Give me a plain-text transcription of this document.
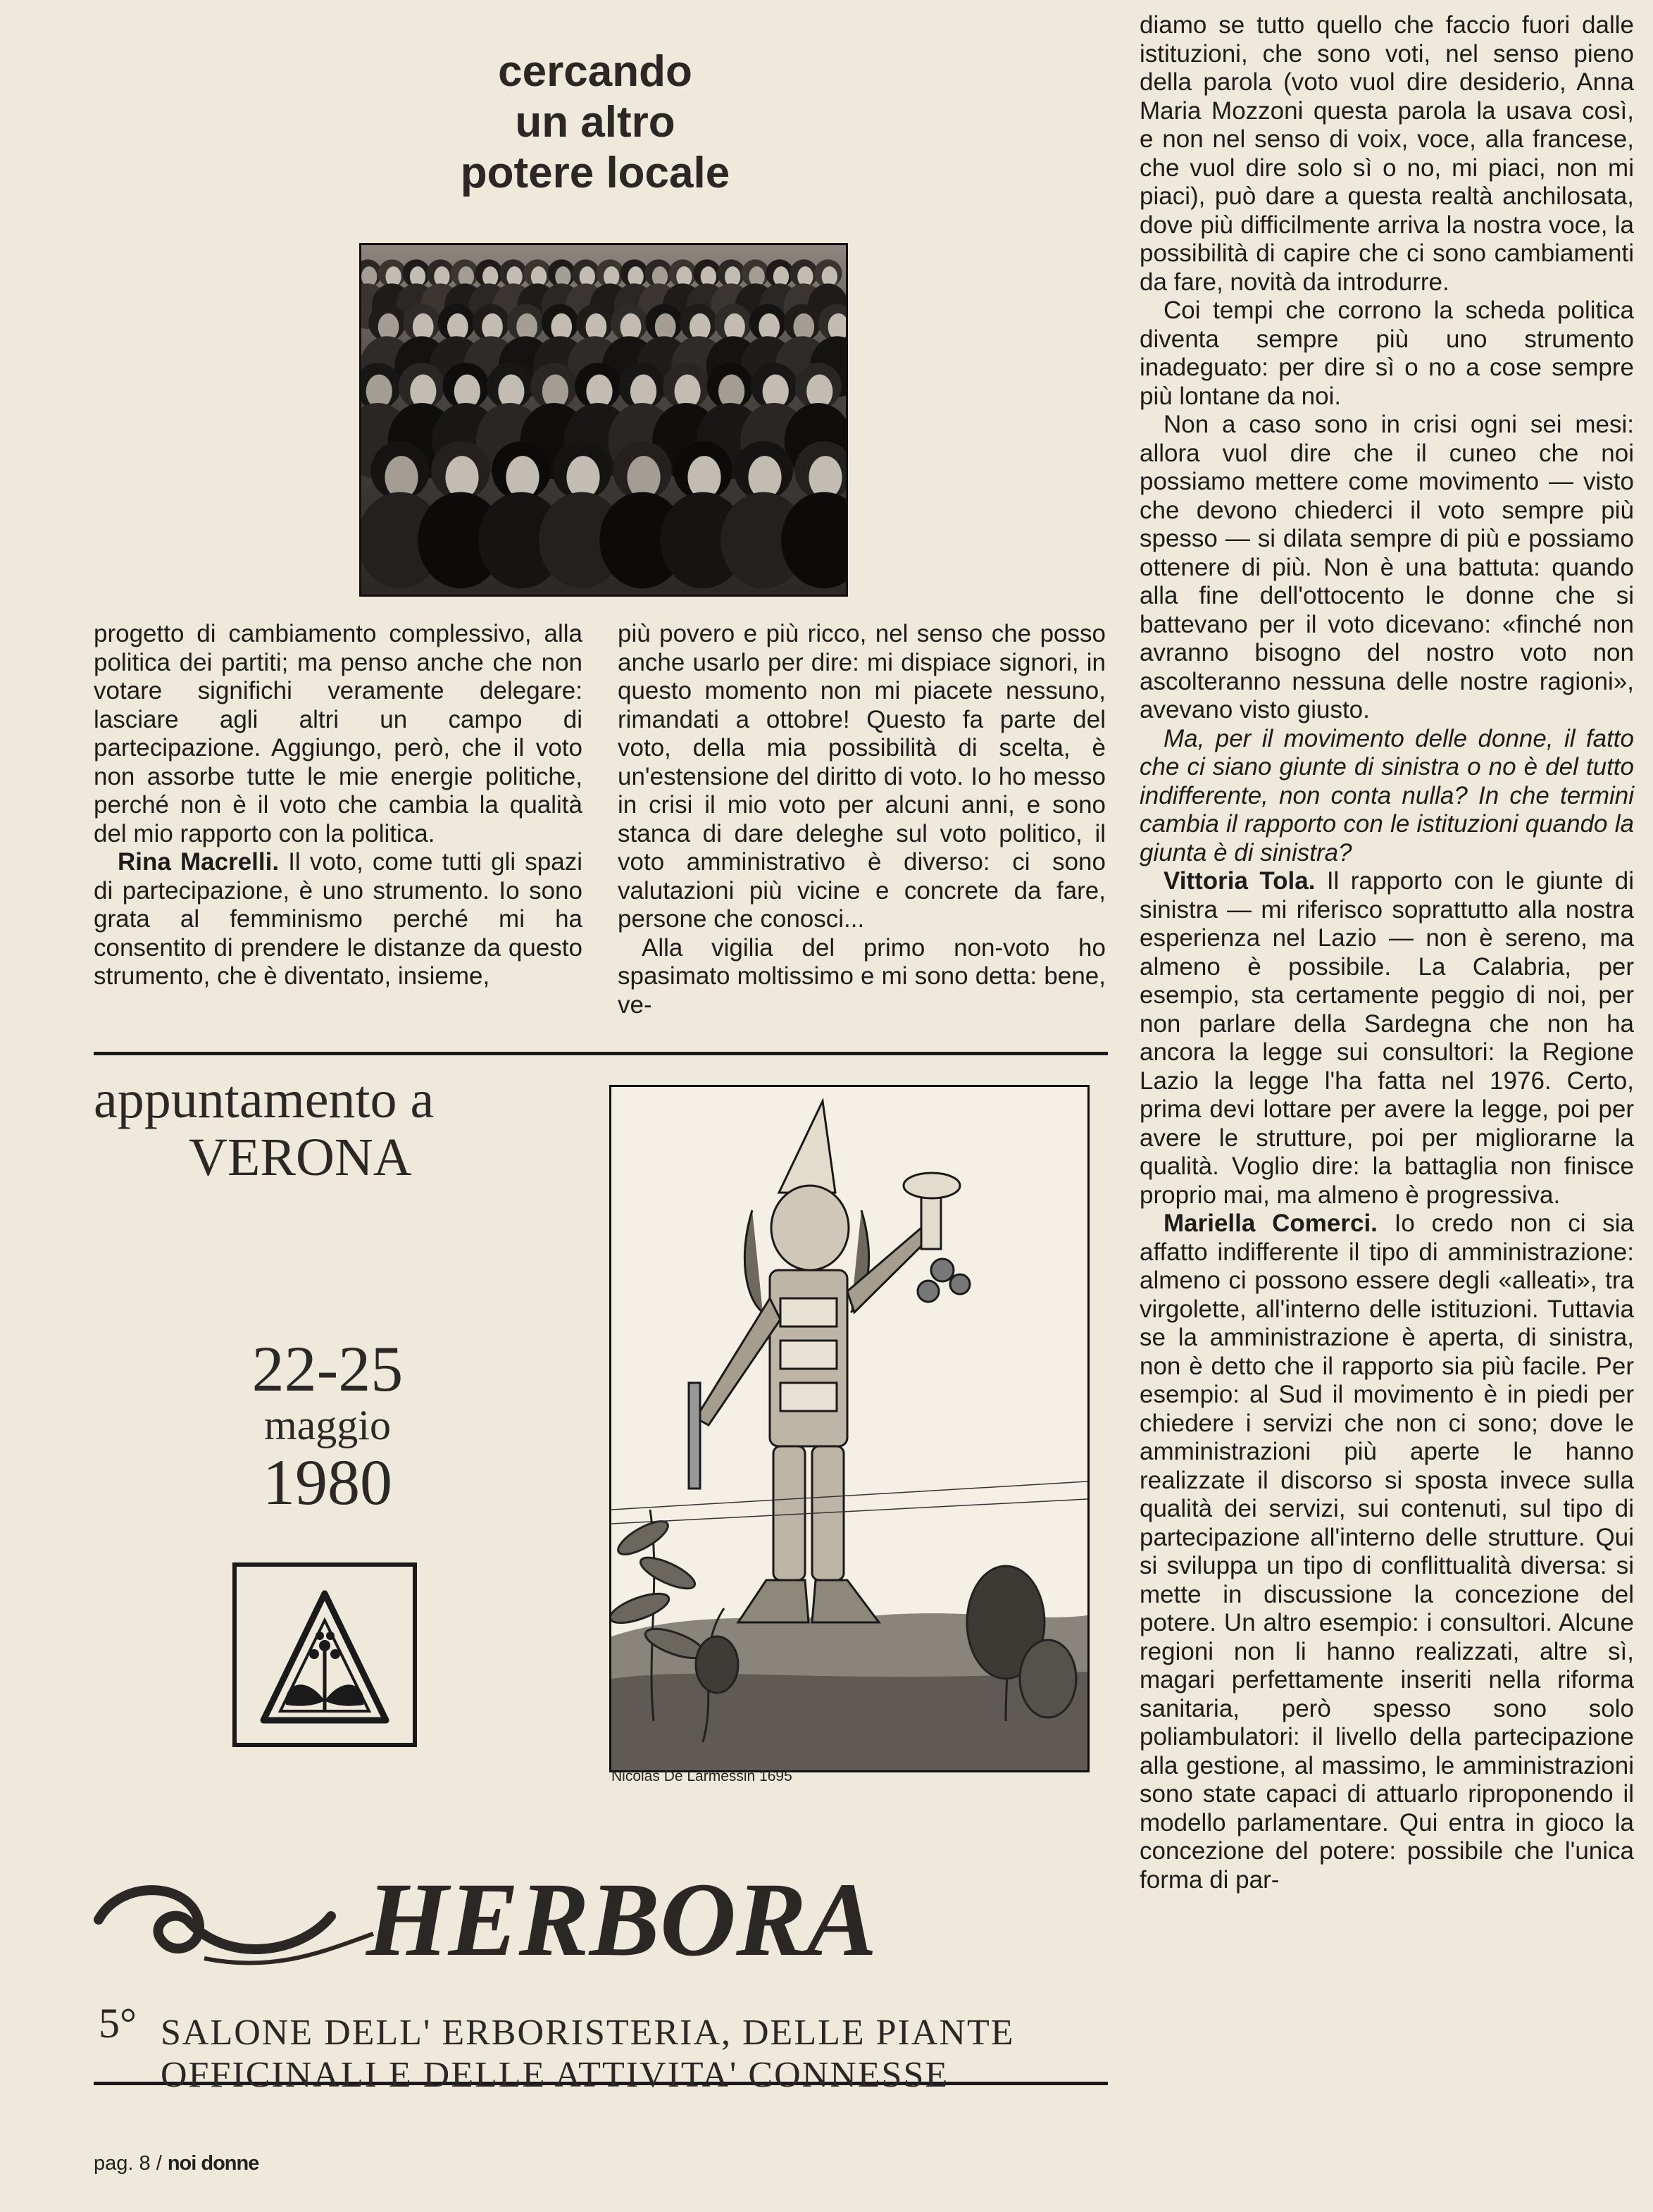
cercando
un altro
potere locale

progetto di cambiamento complessivo, alla politica dei partiti; ma penso anche che non votare significhi veramente delegare: lasciare agli altri un campo di partecipazione. Aggiungo, però, che il voto non assorbe tutte le mie energie politiche, perché non è il voto che cambia la qualità del mio rapporto con la politica.

Rina Macrelli. Il voto, come tutti gli spazi di partecipazione, è uno strumento. Io sono grata al femminismo perché mi ha consentito di prendere le distanze da questo strumento, che è diventato, insieme,

più povero e più ricco, nel senso che posso anche usarlo per dire: mi dispiace signori, in questo momento non mi piacete nessuno, rimandati a ottobre! Questo fa parte del voto, della mia possibilità di scelta, è un'estensione del diritto di voto. Io ho messo in crisi il mio voto per alcuni anni, e sono stanca di dare deleghe sul voto politico, il voto amministrativo è diverso: ci sono valutazioni più vicine e concrete da fare, persone che conosci...

Alla vigilia del primo non-voto ho spasimato moltissimo e mi sono detta: bene, ve-

diamo se tutto quello che faccio fuori dalle istituzioni, che sono voti, nel senso pieno della parola (voto vuol dire desiderio, Anna Maria Mozzoni questa parola la usava così, e non nel senso di voix, voce, alla francese, che vuol dire solo sì o no, mi piaci, non mi piaci), può dare a questa realtà anchilosata, dove più difficilmente arriva la nostra voce, la possibilità di capire che ci sono cambiamenti da fare, novità da introdurre.

Coi tempi che corrono la scheda politica diventa sempre più uno strumento inadeguato: per dire sì o no a cose sempre più lontane da noi.

Non a caso sono in crisi ogni sei mesi: allora vuol dire che il cuneo che noi possiamo mettere come movimento — visto che devono chiederci il voto sempre più spesso — si dilata sempre di più e possiamo ottenere di più. Non è una battuta: quando alla fine dell'ottocento le donne che si battevano per il voto dicevano: «finché non avranno bisogno del nostro voto non ascolteranno nessuna delle nostre ragioni», avevano visto giusto.

Ma, per il movimento delle donne, il fatto che ci siano giunte di sinistra o no è del tutto indifferente, non conta nulla? In che termini cambia il rapporto con le istituzioni quando la giunta è di sinistra?

Vittoria Tola. Il rapporto con le giunte di sinistra — mi riferisco soprattutto alla nostra esperienza nel Lazio — non è sereno, ma almeno è possibile. La Calabria, per esempio, sta certamente peggio di noi, per non parlare della Sardegna che non ha ancora la legge sui consultori: la Regione Lazio la legge l'ha fatta nel 1976. Certo, prima devi lottare per avere la legge, poi per avere le strutture, poi per migliorarne la qualità. Voglio dire: la battaglia non finisce proprio mai, ma almeno è progressiva.

Mariella Comerci. Io credo non ci sia affatto indifferente il tipo di amministrazione: almeno ci possono essere degli «alleati», tra virgolette, all'interno delle istituzioni. Tuttavia se la amministrazione è aperta, di sinistra, non è detto che il rapporto sia più facile. Per esempio: al Sud il movimento è in piedi per chiedere i servizi che non ci sono; dove le amministrazioni più aperte le hanno realizzate il discorso si sposta invece sulla qualità dei servizi, sui contenuti, sul tipo di partecipazione all'interno delle strutture. Qui si sviluppa un tipo di conflittualità diversa: si mette in discussione la concezione del potere. Un altro esempio: i consultori. Alcune regioni non li hanno realizzati, altre sì, magari perfettamente inseriti nella riforma sanitaria, però spesso sono solo poliambulatori: il livello della partecipazione alla gestione, al massimo, le amministrazioni sono state capaci di attuarlo riproponendo il modello parlamentare. Qui entra in gioco la concezione del potere: possibile che l'unica forma di par-

appuntamento a
VERONA
22-25
maggio
1980
Nicolas De Larmessin 1695
HERBORA
5° SALONE DELL' ERBORISTERIA, DELLE PIANTE
OFFICINALI E DELLE ATTIVITA' CONNESSE
pag. 8 / noi donne
